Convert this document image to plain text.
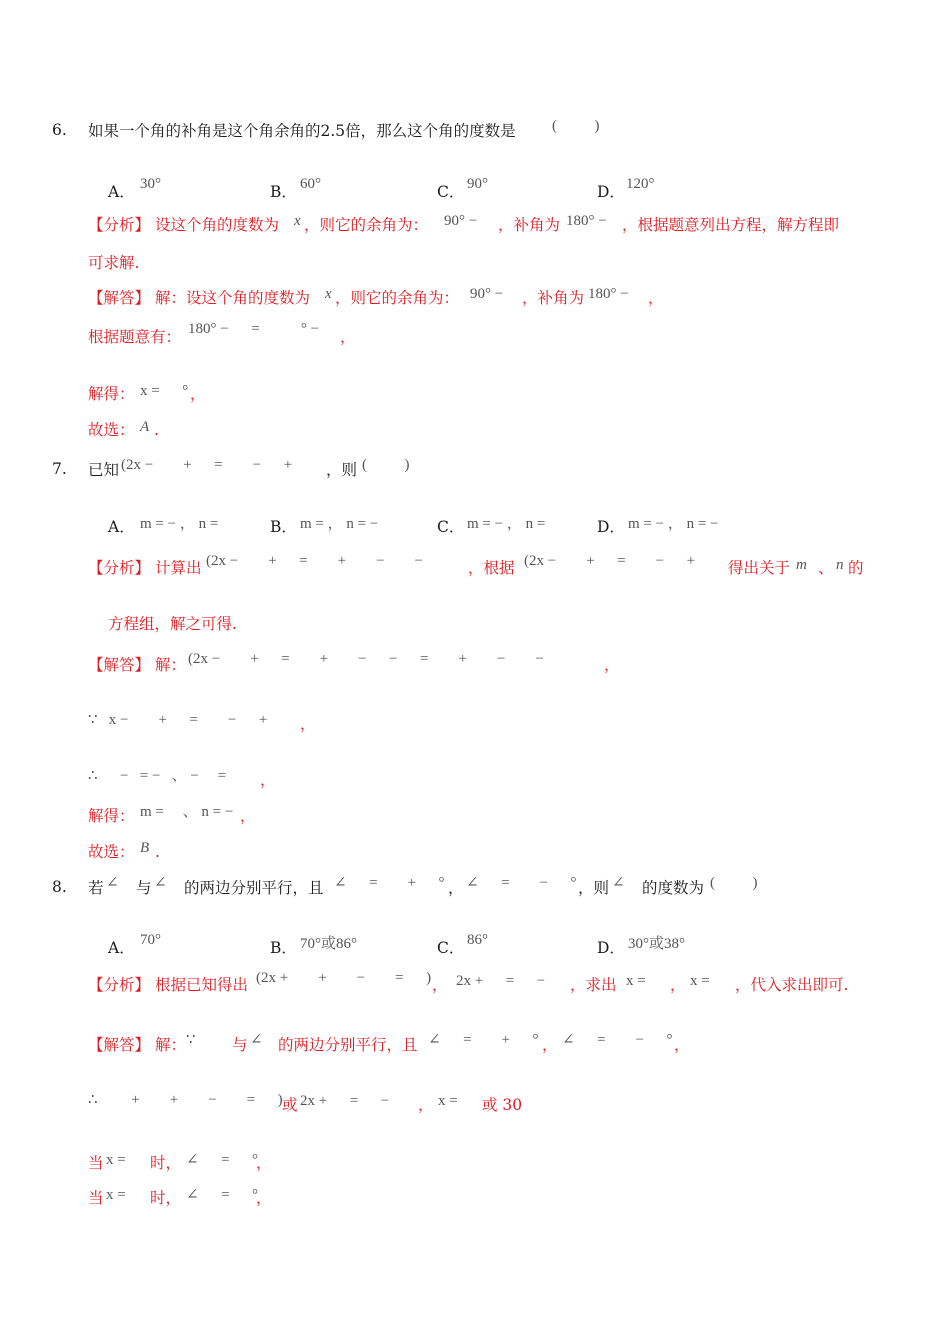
6. 如果一个角的补角是这个角余角的2.5倍，那么这个角的度数是 (          )
A． 30°	B． 60°	C． 90°	D． 120°
【分析】 设这个角的度数为 x ，则它的余角为： 90° − ，补角为 180° − ，根据题意列出方程，解方程即
可求解.
【解答】 解：设这个角的度数为 x ，则它的余角为： 90° − ，补角为 180° − ，
根据题意有： 180° −      =           ° − ，
解得： x =      ° ，
故选： A .
7. 已知 (2x −        +      =        −      + ，则 (          )
A． m = − ， n =	B． m = ， n = −	C． m = − ， n =	D． m = − ， n = −
【分析】 计算出 (2x −        +      =        +        −        −	，根据 (2x −        +      =        −      + 得出关于 m 、 n 的
方程组，解之可得.
【解答】 解： (2x −        +      =        +        −      −      =        +        −        −	，
∵   x −        +      =        −      + ，
∴      −   = −   、 −     = ，
解得： m =     、 n = − ，
故选： B .
8. 若 ∠ 与 ∠ 的两边分别平行，且 ∠      =        +      ° ， ∠      =        −      ° ，则 ∠ 的度数为 (          )
A． 70°	B． 70°或86°	C． 86°	D． 30°或38°
【分析】 根据已知得出 (2x +        +        −        =      ) ， 2x +      =      − ，求出 x = ， x = ，代入求出即可.
【解答】 解： ∵ 与 ∠ 的两边分别平行，且 ∠      =        +      ° ， ∠      =        −      ° ，
∴         +        +        −        =      ) 或 2x +      =      − ， x = 或 30
当 x = 时， ∠      =      °
，
当 x = 时， ∠      =      °
，
